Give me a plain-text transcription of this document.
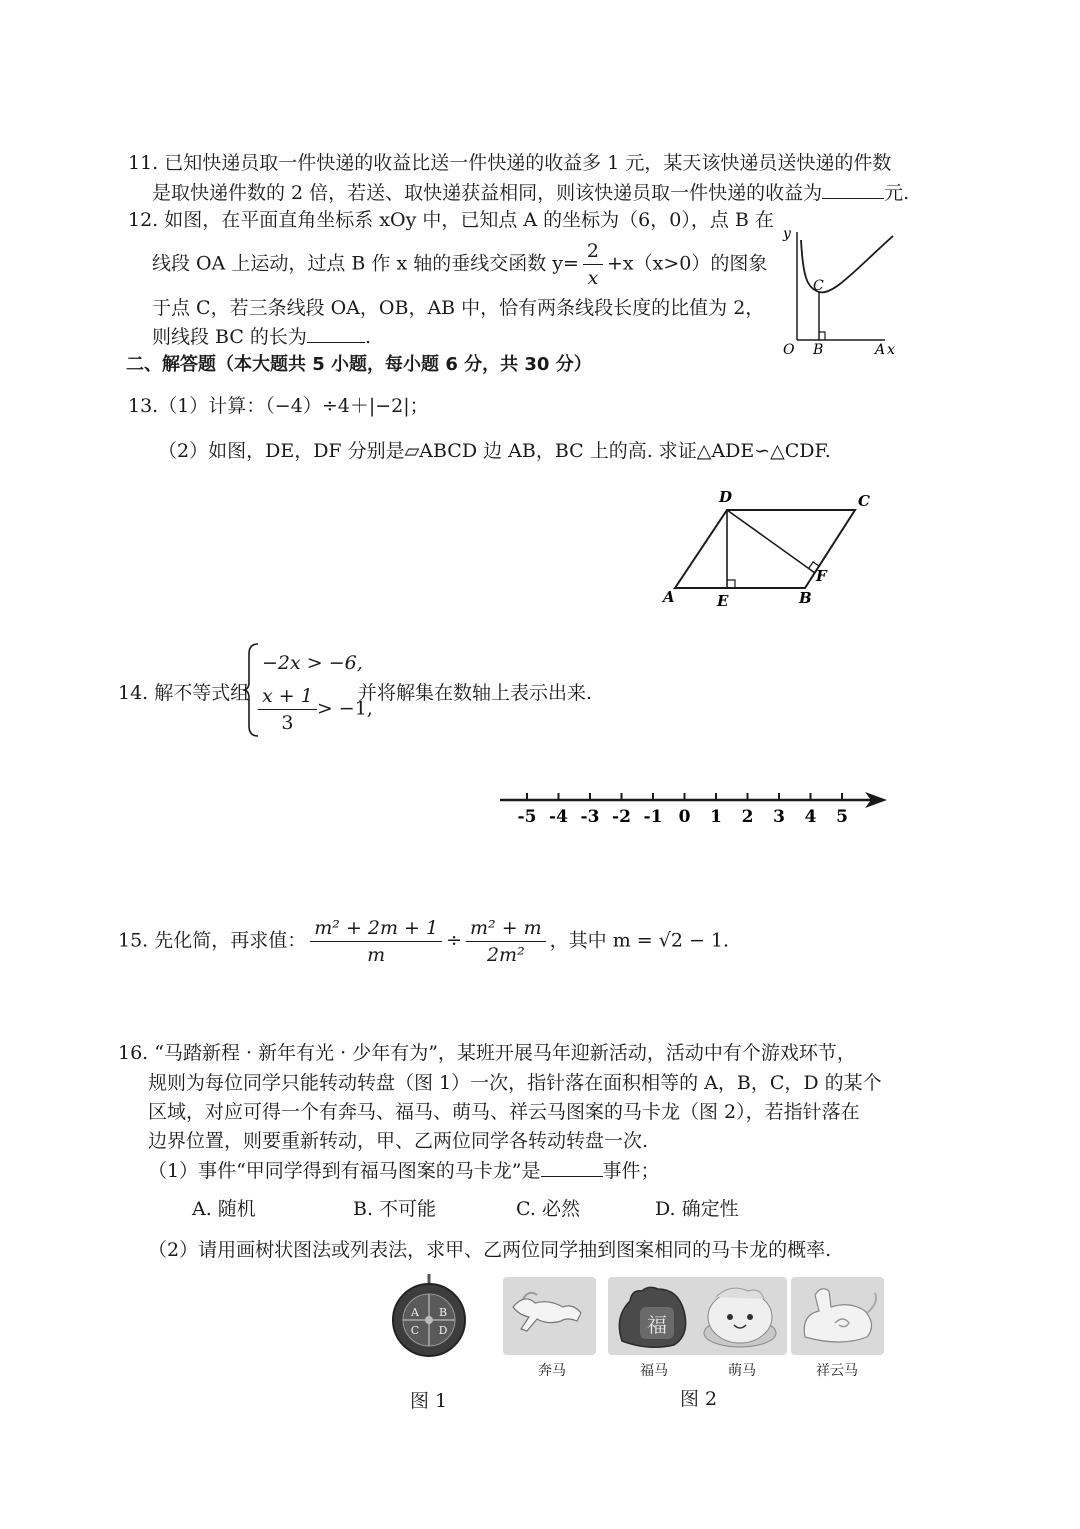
11. 已知快递员取一件快递的收益比送一件快递的收益多 1 元，某天该快递员送快递的件数
是取快递件数的 2 倍，若送、取快递获益相同，则该快递员取一件快递的收益为	元.
12. 如图，在平面直角坐标系 xOy 中，已知点 A 的坐标为（6，0），点 B 在
线段 OA 上运动，过点 B 作 x 轴的垂线交函数 $y= \frac{2}{x} +x(x>0)$的图象
于点 C，若三条线段 OA，OB，AB 中，恰有两条线段长度的比值为 2，
则线段 BC 的长为	.
y
O B	A x
C
二、解答题（本大题共 5 小题，每小题 6 分，共 30 分）
13.（1）计算：（−4）÷4＋|−2|；
（2）如图，DE，DF 分别是▱ABCD 边 AB，BC 上的高. 求证△ADE∽△CDF.
A	E	B
D	C
F
14. 解不等式组
−2x > −6,
$\frac{x + 1}{3} > -1$,
并将解集在数轴上表示出来.
-5 -4 -3 -2 -1 0 1 2 3 4 5
15. 先化简，再求值： $\frac{\text{m² + 2m + 1}}{m} \div \frac{\text{m² + m}}{\text{2m²}}$ ，其中 m = √2 − 1.
16. “马踏新程 · 新年有光 · 少年有为”，某班开展马年迎新活动，活动中有个游戏环节，
规则为每位同学只能转动转盘（图 1）一次，指针落在面积相等的 A，B，C，D 的某个
区域，对应可得一个有奔马、福马、萌马、祥云马图案的马卡龙（图 2），若指针落在
边界位置，则要重新转动，甲、乙两位同学各转动转盘一次.
（1）事件“甲同学得到有福马图案的马卡龙”是	事件；
A. 随机	B. 不可能	C. 必然	D. 确定性
（2）请用画树状图法或列表法，求甲、乙两位同学抽到图案相同的马卡龙的概率.
A B
C D	福
奔马	福马	萌马	祥云马
图 1	图 2
